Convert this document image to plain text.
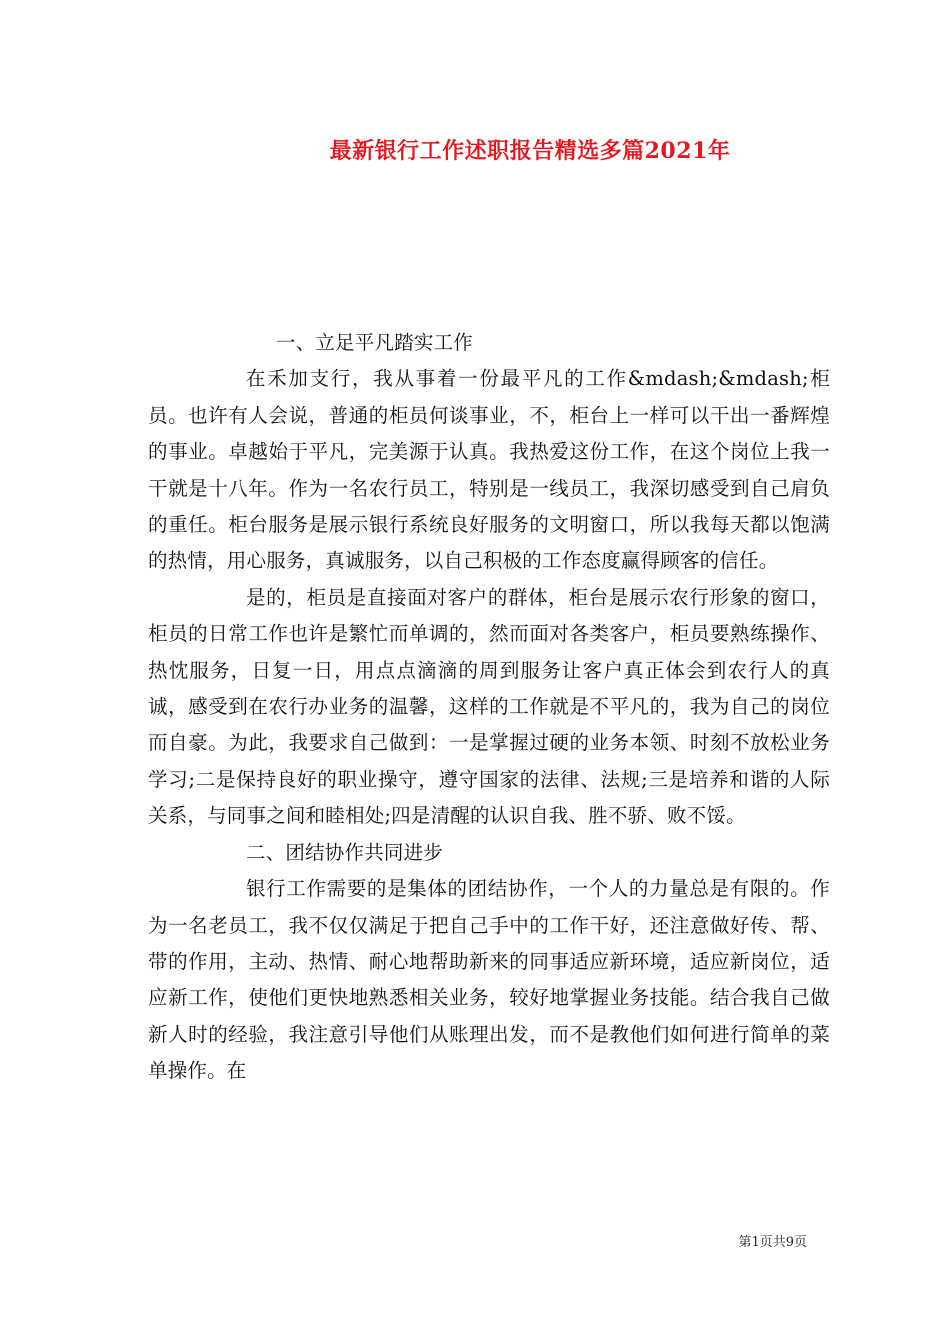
最新银行工作述职报告精选多篇2021年

一、立足平凡踏实工作

在禾加支行，我从事着一份最平凡的工作&mdash;&mdash;柜员。也许有人会说，普通的柜员何谈事业，不，柜台上一样可以干出一番辉煌的事业。卓越始于平凡，完美源于认真。我热爱这份工作，在这个岗位上我一干就是十八年。作为一名农行员工，特别是一线员工，我深切感受到自己肩负的重任。柜台服务是展示银行系统良好服务的文明窗口，所以我每天都以饱满的热情，用心服务，真诚服务，以自己积极的工作态度赢得顾客的信任。

是的，柜员是直接面对客户的群体，柜台是展示农行形象的窗口，柜员的日常工作也许是繁忙而单调的，然而面对各类客户，柜员要熟练操作、热忱服务，日复一日，用点点滴滴的周到服务让客户真正体会到农行人的真诚，感受到在农行办业务的温馨，这样的工作就是不平凡的，我为自己的岗位而自豪。为此，我要求自己做到：一是掌握过硬的业务本领、时刻不放松业务学习;二是保持良好的职业操守，遵守国家的法律、法规;三是培养和谐的人际关系，与同事之间和睦相处;四是清醒的认识自我、胜不骄、败不馁。

二、团结协作共同进步

银行工作需要的是集体的团结协作，一个人的力量总是有限的。作为一名老员工，我不仅仅满足于把自己手中的工作干好，还注意做好传、帮、带的作用，主动、热情、耐心地帮助新来的同事适应新环境，适应新岗位，适应新工作，使他们更快地熟悉相关业务，较好地掌握业务技能。结合我自己做新人时的经验，我注意引导他们从账理出发，而不是教他们如何进行简单的菜单操作。在

第1页共9页
